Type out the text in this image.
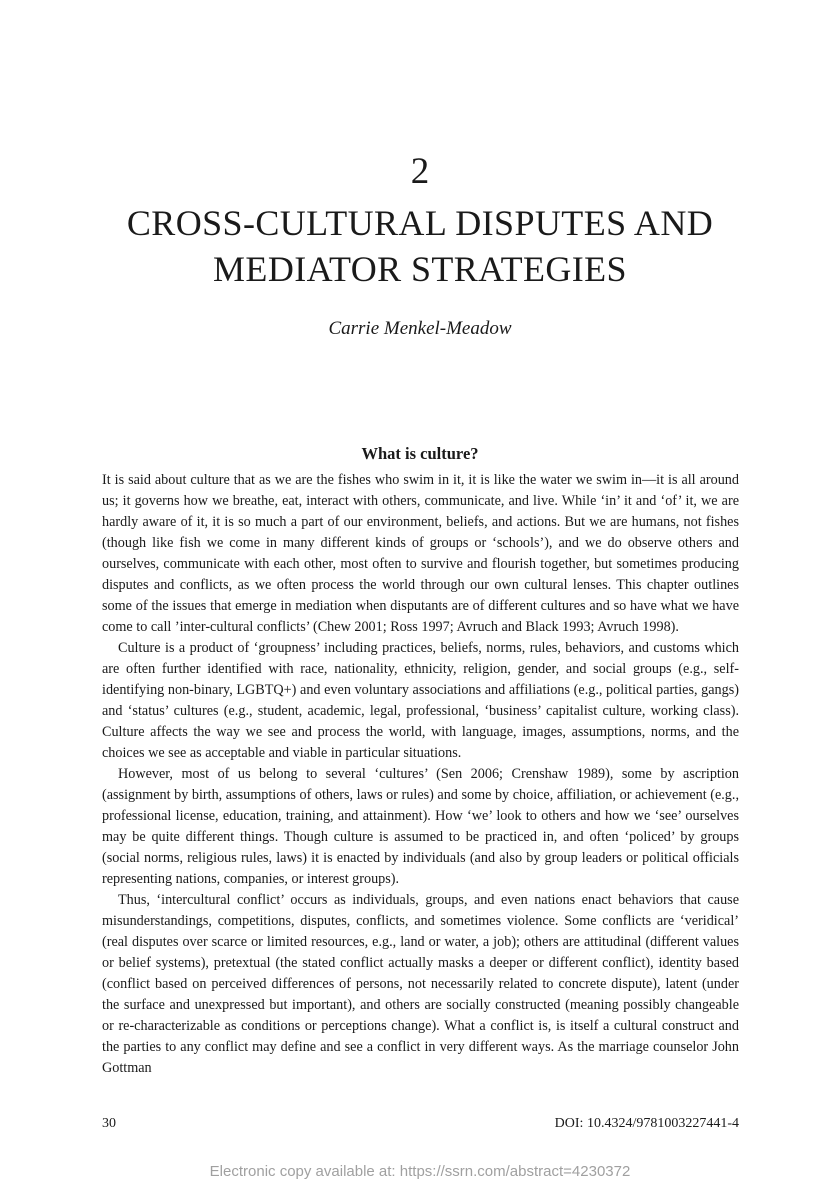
2
CROSS-CULTURAL DISPUTES AND
MEDIATOR STRATEGIES
Carrie Menkel-Meadow
What is culture?

It is said about culture that as we are the fishes who swim in it, it is like the water we swim in—it is all around us; it governs how we breathe, eat, interact with others, communicate, and live. While ‘in’ it and ‘of’ it, we are hardly aware of it, it is so much a part of our environment, beliefs, and actions. But we are humans, not fishes (though like fish we come in many different kinds of groups or ‘schools’), and we do observe others and ourselves, communicate with each other, most often to survive and flourish together, but sometimes producing disputes and conflicts, as we often process the world through our own cultural lenses. This chapter outlines some of the issues that emerge in mediation when disputants are of different cultures and so have what we have come to call ’inter-cultural conflicts’ (Chew 2001; Ross 1997; Avruch and Black 1993; Avruch 1998).

Culture is a product of ‘groupness’ including practices, beliefs, norms, rules, behaviors, and customs which are often further identified with race, nationality, ethnicity, religion, gender, and social groups (e.g., self-identifying non-binary, LGBTQ+) and even voluntary associations and affiliations (e.g., political parties, gangs) and ‘status’ cultures (e.g., student, academic, legal, professional, ‘business’ capitalist culture, working class). Culture affects the way we see and process the world, with language, images, assumptions, norms, and the choices we see as acceptable and viable in particular situations.

However, most of us belong to several ‘cultures’ (Sen 2006; Crenshaw 1989), some by ascription (assignment by birth, assumptions of others, laws or rules) and some by choice, affiliation, or achievement (e.g., professional license, education, training, and attainment). How ‘we’ look to others and how we ‘see’ ourselves may be quite different things. Though culture is assumed to be practiced in, and often ‘policed’ by groups (social norms, religious rules, laws) it is enacted by individuals (and also by group leaders or political officials representing nations, companies, or interest groups).

Thus, ‘intercultural conflict’ occurs as individuals, groups, and even nations enact behaviors that cause misunderstandings, competitions, disputes, conflicts, and sometimes violence. Some conflicts are ‘veridical’ (real disputes over scarce or limited resources, e.g., land or water, a job); others are attitudinal (different values or belief systems), pretextual (the stated conflict actually masks a deeper or different conflict), identity based (conflict based on perceived differences of persons, not necessarily related to concrete dispute), latent (under the surface and unexpressed but important), and others are socially constructed (meaning possibly changeable or re-characterizable as conditions or perceptions change). What a conflict is, is itself a cultural construct and the parties to any conflict may define and see a conflict in very different ways. As the marriage counselor John Gottman

30	DOI: 10.4324/9781003227441-4
Electronic copy available at: https://ssrn.com/abstract=4230372
